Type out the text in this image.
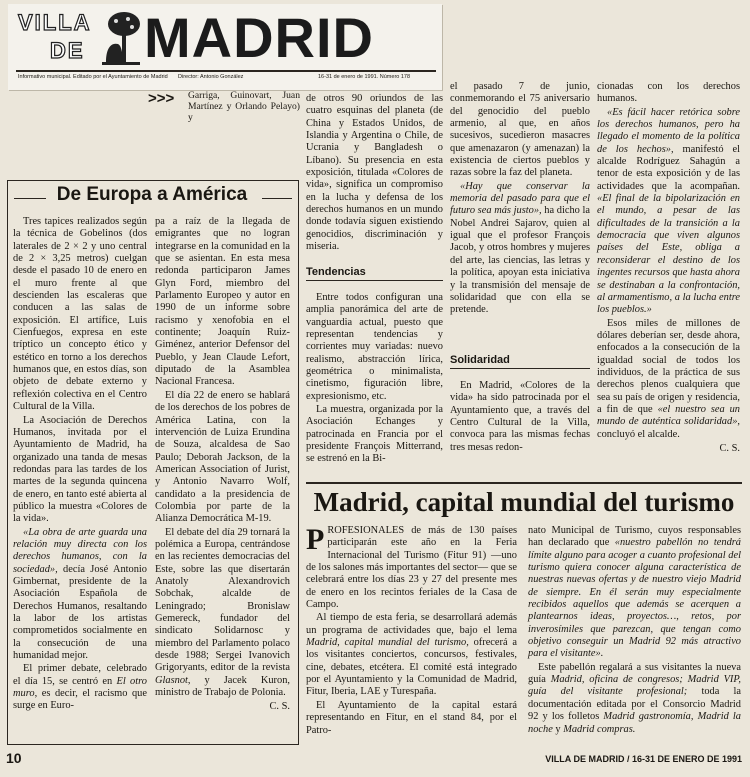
VILLA
DE MADRID
Informativo municipal. Editado por el Ayuntamiento de Madrid Director: Antonio González	16-31 de enero de 1991. Número 178
>>> Garriga, Guinovart, Juan Martínez y Orlando Pelayo) y

de otros 90 oriundos de las cuatro esquinas del planeta (de China y Estados Unidos, de Islandia y Argentina o Chile, de Ucrania y Bangladesh o Líbano). Su presencia en esta exposición, titulada «Colores de vida», significa un compromiso en la lucha y defensa de los derechos humanos en un mundo donde todavía siguen existiendo genocidios, discriminación y miseria.

Tendencias

Entre todos configuran una amplia panorámica del arte de vanguardia actual, puesto que representan tendencias y corrientes muy variadas: nuevo realismo, abstracción lírica, geométrica o minimalista, cinetismo, figuración libre, expresionismo, etc.

La muestra, organizada por la Asociación Echanges y patrocinada en Francia por el presidente François Mitterrand, se estrenó en la Bi-

el pasado 7 de junio, conmemorando el 75 aniversario del genocidio del pueblo armenio, al que, en años sucesivos, sucedieron masacres que amenazaron (y amenazan) la existencia de ciertos pueblos y razas sobre la faz del planeta.

«Hay que conservar la memoria del pasado para que el futuro sea más justo», ha dicho la Nobel Andrei Sajarov, quien al igual que el profesor François Jacob, y otros hombres y mujeres del arte, las ciencias, las letras y la política, apoyan esta iniciativa y la transmisión del mensaje de solidaridad que con ella se pretende.

Solidaridad

En Madrid, «Colores de la vida» ha sido patrocinada por el Ayuntamiento que, a través del Centro Cultural de la Villa, convoca para las mismas fechas tres mesas redon-

cionadas con los derechos humanos.

«Es fácil hacer retórica sobre los derechos humanos, pero ha llegado el momento de la política de los hechos», manifestó el alcalde Rodríguez Sahagún a tenor de esta exposición y de las actividades que la acompañan. «El final de la bipolarización en el mundo, a pesar de las dificultades de la transición a la democracia que viven algunos países del Este, obliga a reconsiderar el destino de los ingentes recursos que hasta ahora se destinaban a la confrontación, al armamentismo, a la lucha entre los pueblos.»

Esos miles de millones de dólares deberían ser, desde ahora, enfocados a la consecución de la igualdad social de todos los individuos, de la práctica de sus derechos plenos cualquiera que sea su país de origen y residencia, a fin de que «el nuestro sea un mundo de auténtica solidaridad», concluyó el alcalde.

C. S.

De Europa a América

Tres tapices realizados según la técnica de Gobelinos (dos laterales de 2 × 2 y uno central de 2 × 3,25 metros) cuelgan desde el pasado 10 de enero en el muro frente al que descienden las escaleras que conducen a las salas de exposición. El artífice, Luis Cienfuegos, expresa en este tríptico un concepto ético y estético en torno a los derechos humanos que, en estos días, son objeto de debate externo y reflexión colectiva en el Centro Cultural de la Villa.

La Asociación de Derechos Humanos, invitada por el Ayuntamiento de Madrid, ha organizado una tanda de mesas redondas para las tardes de los martes de la segunda quincena de enero, en tanto esté abierta al público la muestra «Colores de la vida».

«La obra de arte guarda una relación muy directa con los derechos humanos, con la sociedad», decía José Antonio Gimbernat, presidente de la Asociación Española de Derechos Humanos, resaltando la labor de los artistas comprometidos socialmente en la consecución de una humanidad mejor.

El primer debate, celebrado el día 15, se centró en El otro muro, es decir, el racismo que surge en Euro-

pa a raíz de la llegada de emigrantes que no logran integrarse en la comunidad en la que se asientan. En esta mesa redonda participaron James Glyn Ford, miembro del Parlamento Europeo y autor en 1990 de un informe sobre racismo y xenofobia en el continente; Joaquín Ruiz-Giménez, anterior Defensor del Pueblo, y Jean Claude Lefort, diputado de la Asamblea Nacional Francesa.

El día 22 de enero se hablará de los derechos de los pobres de América Latina, con la intervención de Luiza Erundina de Souza, alcaldesa de Sao Paulo; Deborah Jackson, de la American Association of Jurist, y Antonio Navarro Wolf, candidato a la presidencia de Colombia por parte de la Alianza Democrática M-19.

El debate del día 29 tornará la polémica a Europa, centrándose en las recientes democracias del Este, sobre las que disertarán Anatoly Alexandrovich Sobchak, alcalde de Leningrado; Bronislaw Gemereck, fundador del sindicato Solidarnosc y miembro del Parlamento polaco desde 1988; Sergei Ivanovich Grigoryants, editor de la revista Glasnot, y Jacek Kuron, ministro de Trabajo de Polonia.

C. S.

Madrid, capital mundial del turismo

PROFESIONALES de más de 130 países participarán este año en la Feria Internacional del Turismo (Fitur 91) —uno de los salones más importantes del sector— que se celebrará entre los días 23 y 27 del presente mes de enero en los recintos feriales de la Casa de Campo.

Al tiempo de esta feria, se desarrollará además un programa de actividades que, bajo el lema Madrid, capital mundial del turismo, ofrecerá a los visitantes conciertos, concursos, festivales, cine, debates, etcétera. El comité está integrado por el Ayuntamiento y la Comunidad de Madrid, Fitur, Iberia, LAE y Turespaña.

El Ayuntamiento de la capital estará representando en Fitur, en el stand 84, por el Patro-

nato Municipal de Turismo, cuyos responsables han declarado que «nuestro pabellón no tendrá límite alguno para acoger a cuanto profesional del turismo quiera conocer alguna característica de nuestras nuevas ofertas y de nuestro viejo Madrid de siempre. En él serán muy especialmente recibidos aquellos que además se acerquen a plantearnos ideas, proyectos…, retos, por inverosímiles que parezcan, que tengan como objetivo conseguir un Madrid 92 más atractivo para el visitante».

Este pabellón regalará a sus visitantes la nueva guía Madrid, oficina de congresos; Madrid VIP, guía del visitante profesional; toda la documentación editada por el Consorcio Madrid 92 y los folletos Madrid gastronomía, Madrid la noche y Madrid compras.

10	VILLA DE MADRID / 16-31 DE ENERO DE 1991
